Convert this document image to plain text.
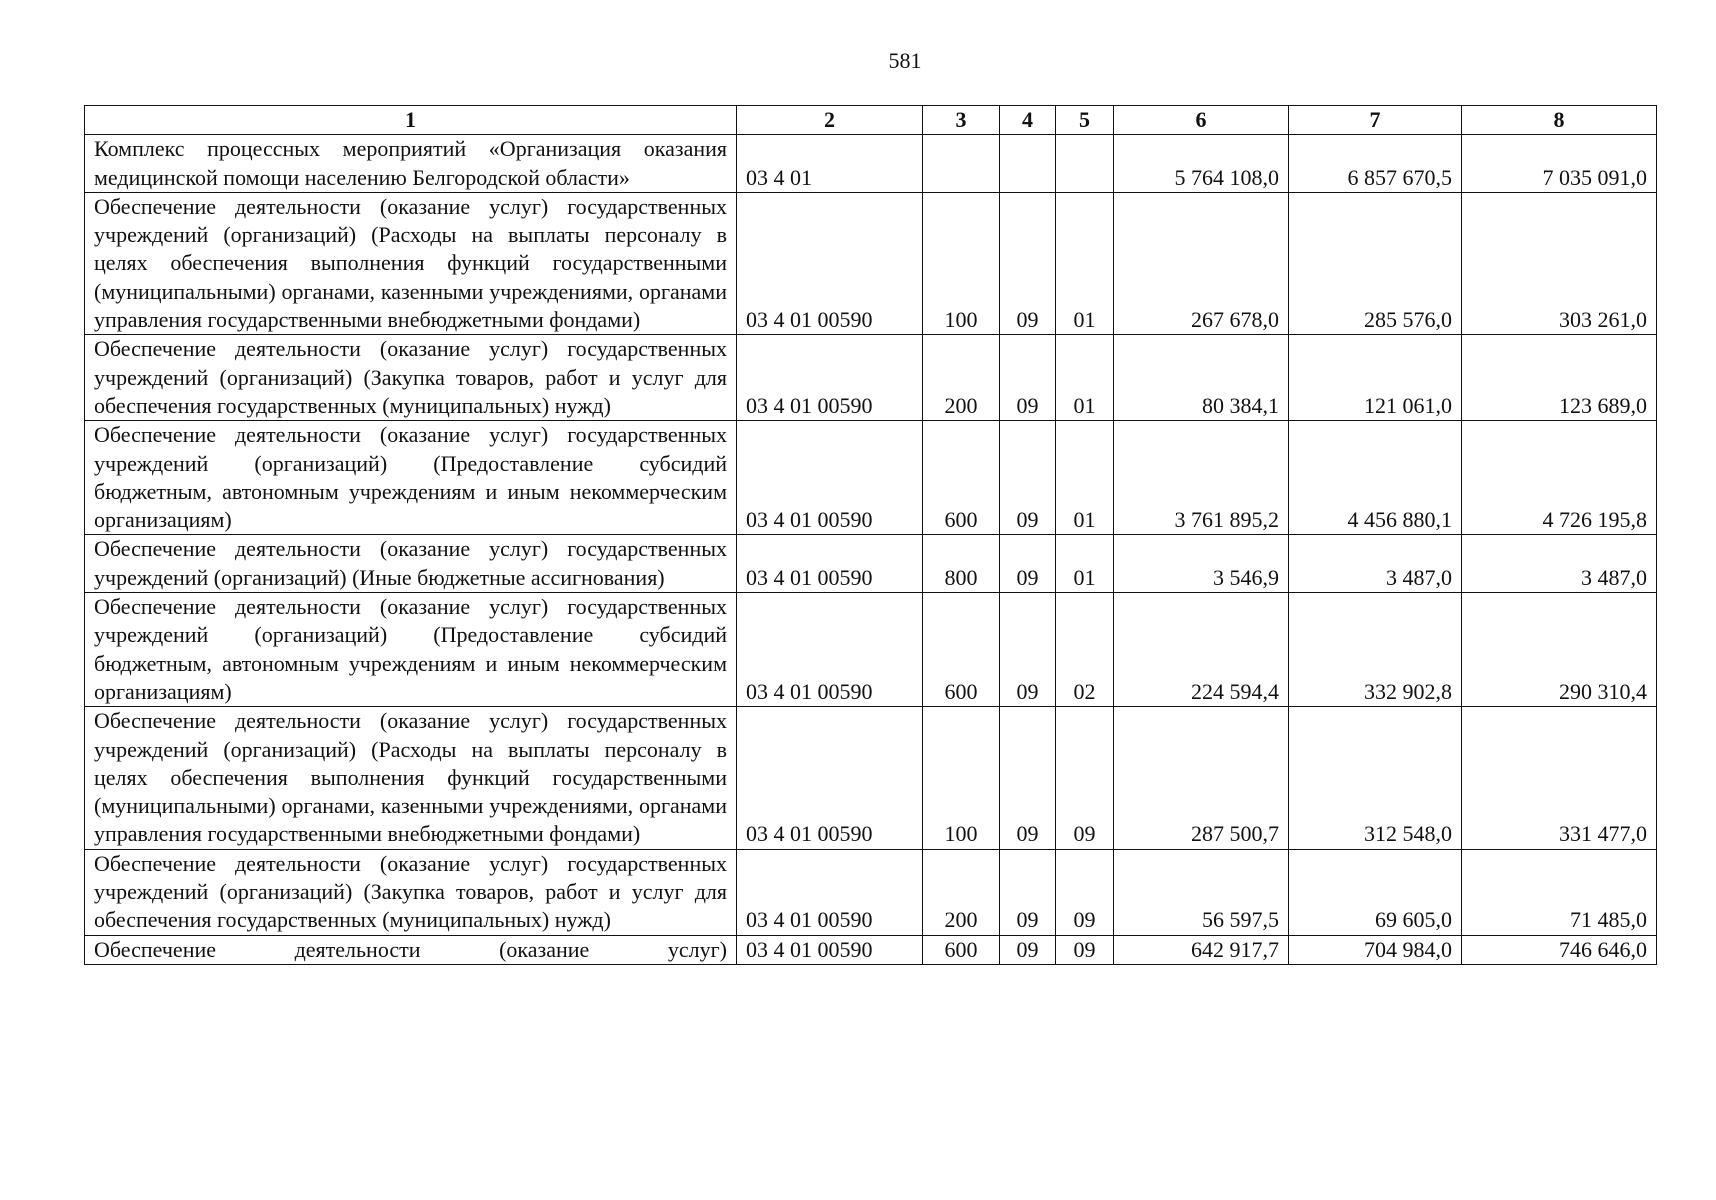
581
1	2	3	4	5	6	7	8
Комплекс процессных мероприятий «Организация оказания медицинской помощи населению Белгородской области»	03 4 01				5 764 108,0	6 857 670,5	7 035 091,0
Обеспечение деятельности (оказание услуг) государственных учреждений (организаций) (Расходы на выплаты персоналу в целях обеспечения выполнения функций государственными (муниципальными) органами, казенными учреждениями, органами управления государственными внебюджетными фондами)	03 4 01 00590	100	09	01	267 678,0	285 576,0	303 261,0
Обеспечение деятельности (оказание услуг) государственных учреждений (организаций) (Закупка товаров, работ и услуг для обеспечения государственных (муниципальных) нужд)	03 4 01 00590	200	09	01	80 384,1	121 061,0	123 689,0
Обеспечение деятельности (оказание услуг) государственных учреждений (организаций) (Предоставление субсидий бюджетным, автономным учреждениям и иным некоммерческим организациям)	03 4 01 00590	600	09	01	3 761 895,2	4 456 880,1	4 726 195,8
Обеспечение деятельности (оказание услуг) государственных учреждений (организаций) (Иные бюджетные ассигнования)	03 4 01 00590	800	09	01	3 546,9	3 487,0	3 487,0
Обеспечение деятельности (оказание услуг) государственных учреждений (организаций) (Предоставление субсидий бюджетным, автономным учреждениям и иным некоммерческим организациям)	03 4 01 00590	600	09	02	224 594,4	332 902,8	290 310,4
Обеспечение деятельности (оказание услуг) государственных учреждений (организаций) (Расходы на выплаты персоналу в целях обеспечения выполнения функций государственными (муниципальными) органами, казенными учреждениями, органами управления государственными внебюджетными фондами)	03 4 01 00590	100	09	09	287 500,7	312 548,0	331 477,0
Обеспечение деятельности (оказание услуг) государственных учреждений (организаций) (Закупка товаров, работ и услуг для обеспечения государственных (муниципальных) нужд)	03 4 01 00590	200	09	09	56 597,5	69 605,0	71 485,0
Обеспечение деятельности (оказание услуг)	03 4 01 00590	600	09	09	642 917,7	704 984,0	746 646,0
